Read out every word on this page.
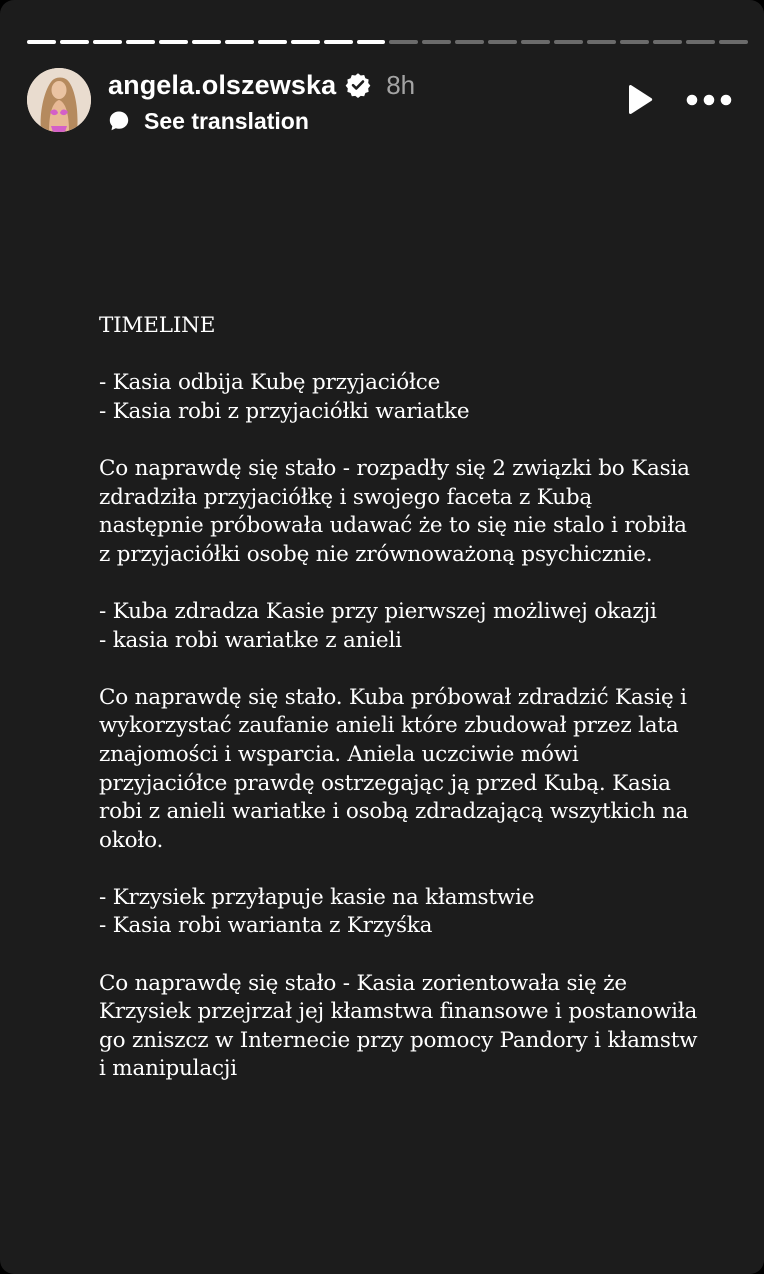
angela.olszewska 8h
See translation

TIMELINE

- Kasia odbija Kubę przyjaciółce
- Kasia robi z przyjaciółki wariatke

Co naprawdę się stało - rozpadły się 2 związki bo Kasia zdradziła przyjaciółkę i swojego faceta z Kubą następnie próbowała udawać że to się nie stalo i robiła z przyjaciółki osobę nie zrównoważoną psychicznie.

- Kuba zdradza Kasie przy pierwszej możliwej okazji
- kasia robi wariatke z anieli

Co naprawdę się stało. Kuba próbował zdradzić Kasię i wykorzystać zaufanie anieli które zbudował przez lata znajomości i wsparcia. Aniela uczciwie mówi przyjaciółce prawdę ostrzegając ją przed Kubą. Kasia robi z anieli wariatke i osobą zdradzającą wszytkich na około.

- Krzysiek przyłapuje kasie na kłamstwie
- Kasia robi warianta z Krzyśka

Co naprawdę się stało - Kasia zorientowała się że Krzysiek przejrzał jej kłamstwa finansowe i postanowiła go zniszcz w Internecie przy pomocy Pandory i kłamstw i manipulacji
